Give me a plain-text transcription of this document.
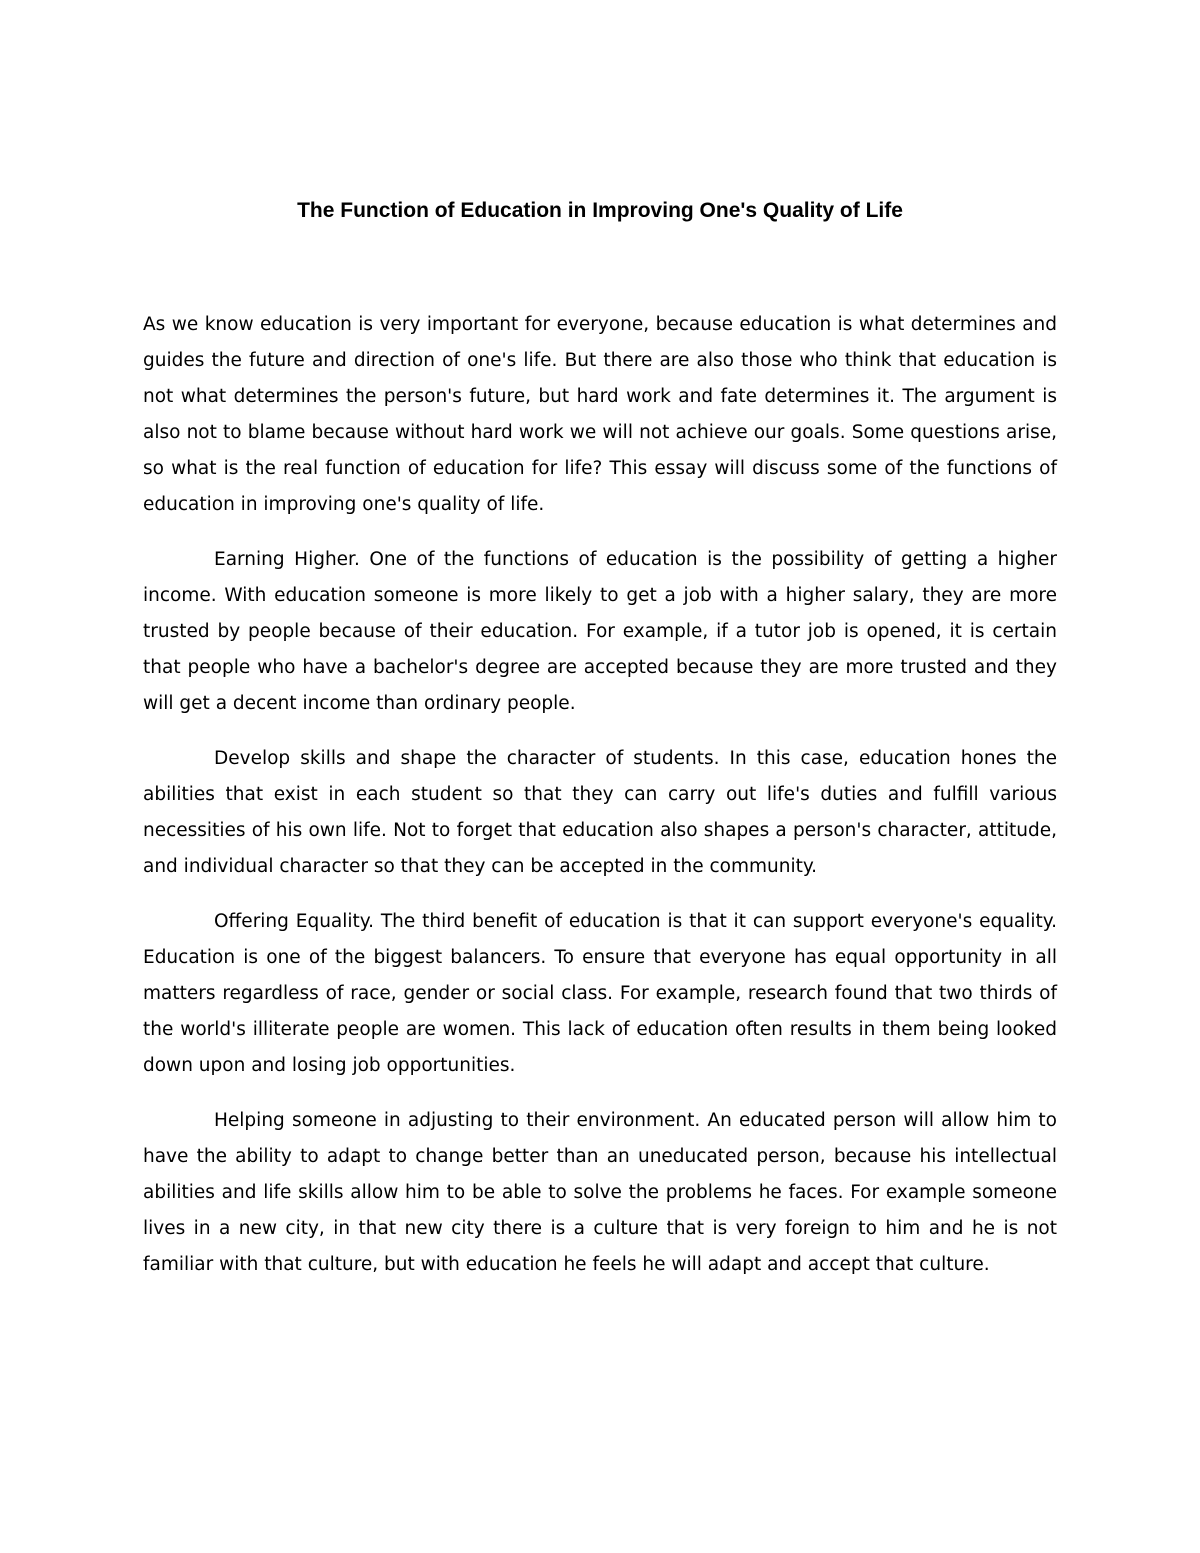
The Function of Education in Improving One's Quality of Life

As we know education is very important for everyone, because education is what determines and guides the future and direction of one's life. But there are also those who think that education is not what determines the person's future, but hard work and fate determines it. The argument is also not to blame because without hard work we will not achieve our goals. Some questions arise, so what is the real function of education for life? This essay will discuss some of the functions of education in improving one's quality of life.

Earning Higher. One of the functions of education is the possibility of getting a higher income. With education someone is more likely to get a job with a higher salary, they are more trusted by people because of their education. For example, if a tutor job is opened, it is certain that people who have a bachelor's degree are accepted because they are more trusted and they will get a decent income than ordinary people.

Develop skills and shape the character of students. In this case, education hones the abilities that exist in each student so that they can carry out life's duties and fulfill various necessities of his own life. Not to forget that education also shapes a person's character, attitude, and individual character so that they can be accepted in the community.

Offering Equality. The third benefit of education is that it can support everyone's equality. Education is one of the biggest balancers. To ensure that everyone has equal opportunity in all matters regardless of race, gender or social class. For example, research found that two thirds of the world's illiterate people are women. This lack of education often results in them being looked down upon and losing job opportunities.

Helping someone in adjusting to their environment. An educated person will allow him to have the ability to adapt to change better than an uneducated person, because his intellectual abilities and life skills allow him to be able to solve the problems he faces. For example someone lives in a new city, in that new city there is a culture that is very foreign to him and he is not familiar with that culture, but with education he feels he will adapt and accept that culture.
